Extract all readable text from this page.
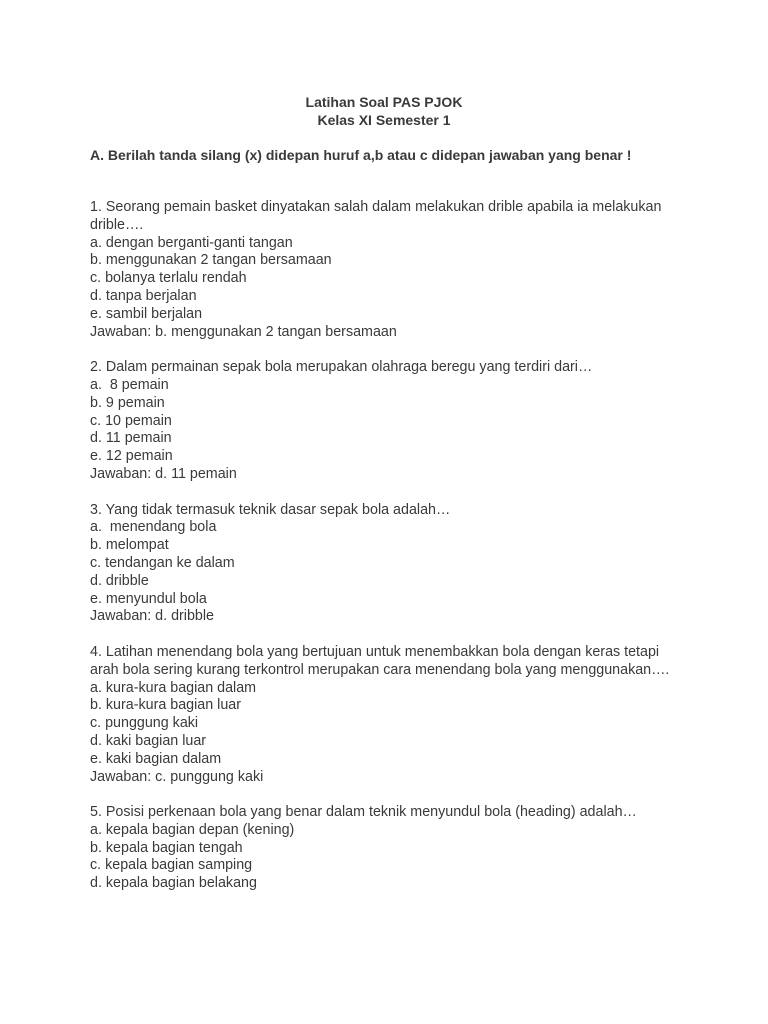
Latihan Soal PAS PJOK
Kelas XI Semester 1
A. Berilah tanda silang (x) didepan huruf a,b atau c didepan jawaban yang benar !
1. Seorang pemain basket dinyatakan salah dalam melakukan drible apabila ia melakukan drible….
a. dengan berganti-ganti tangan
b. menggunakan 2 tangan bersamaan
c. bolanya terlalu rendah
d. tanpa berjalan
e. sambil berjalan
Jawaban: b. menggunakan 2 tangan bersamaan
2. Dalam permainan sepak bola merupakan olahraga beregu yang terdiri dari…
a.  8 pemain
b. 9 pemain
c. 10 pemain
d. 11 pemain
e. 12 pemain
Jawaban: d. 11 pemain
3. Yang tidak termasuk teknik dasar sepak bola adalah…
a.  menendang bola
b. melompat
c. tendangan ke dalam
d. dribble
e. menyundul bola
Jawaban: d. dribble
4. Latihan menendang bola yang bertujuan untuk menembakkan bola dengan keras tetapi arah bola sering kurang terkontrol merupakan cara menendang bola yang menggunakan….
a. kura-kura bagian dalam
b. kura-kura bagian luar
c. punggung kaki
d. kaki bagian luar
e. kaki bagian dalam
Jawaban: c. punggung kaki
5. Posisi perkenaan bola yang benar dalam teknik menyundul bola (heading) adalah…
a. kepala bagian depan (kening)
b. kepala bagian tengah
c. kepala bagian samping
d. kepala bagian belakang
